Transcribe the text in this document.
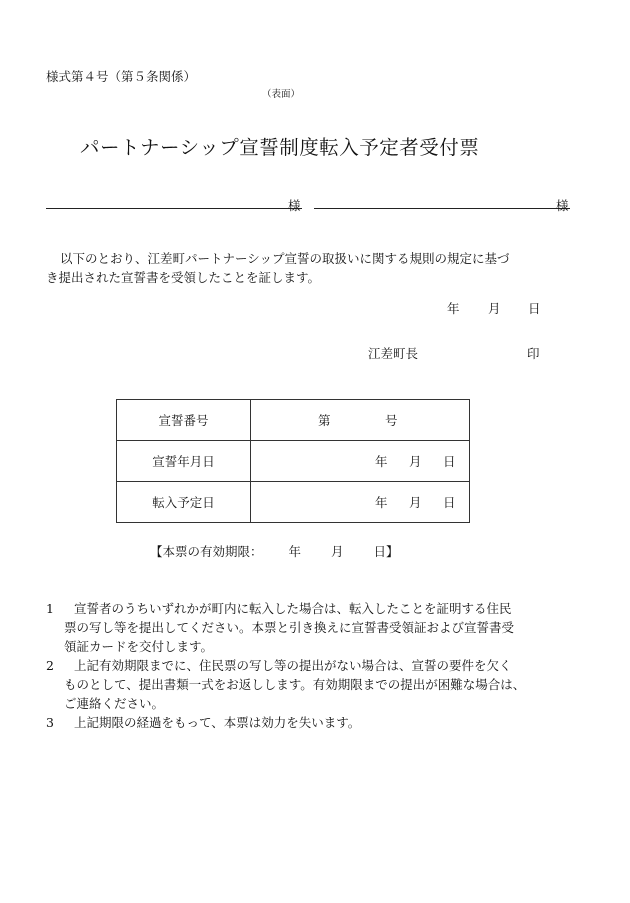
様式第４号（第５条関係）
（表面）
パートナーシップ宣誓制度転入予定者受付票
様	様
以下のとおり、江差町パートナーシップ宣誓の取扱いに関する規則の規定に基づ
き提出された宣誓書を受領したことを証します。
年 月 日
江差町長	印
宣誓番号	第 号

宣誓年月日	年 月 日

転入予定日	年 月 日
【本票の有効期限： 年 月 日】
1	宣誓者のうちいずれかが町内に転入した場合は、転入したことを証明する住民
票の写し等を提出してください。本票と引き換えに宣誓書受領証および宣誓書受
領証カードを交付します。
2	上記有効期限までに、住民票の写し等の提出がない場合は、宣誓の要件を欠く
ものとして、提出書類一式をお返しします。有効期限までの提出が困難な場合は、
ご連絡ください。
3	上記期限の経過をもって、本票は効力を失います。
